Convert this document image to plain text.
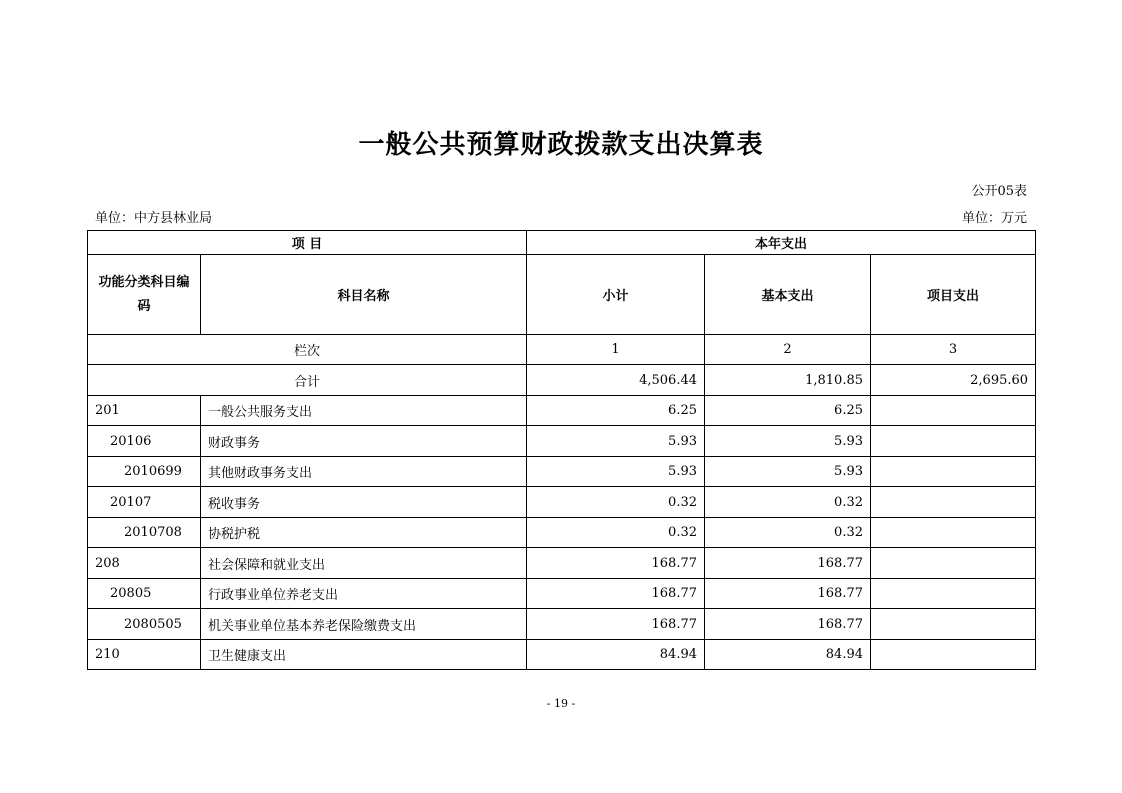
一般公共预算财政拨款支出决算表
公开05表
单位：中方县林业局	单位：万元
项 目		本年支出		
功能分类科目编码	科目名称	小计	基本支出	项目支出
栏次		1	2	3
合计		4,506.44	1,810.85	2,695.60
201	一般公共服务支出	6.25	6.25	
20106	财政事务	5.93	5.93	
2010699	其他财政事务支出	5.93	5.93	
20107	税收事务	0.32	0.32	
2010708	协税护税	0.32	0.32	
208	社会保障和就业支出	168.77	168.77	
20805	行政事业单位养老支出	168.77	168.77	
2080505	机关事业单位基本养老保险缴费支出	168.77	168.77	
210	卫生健康支出	84.94	84.94	
- 19 -
